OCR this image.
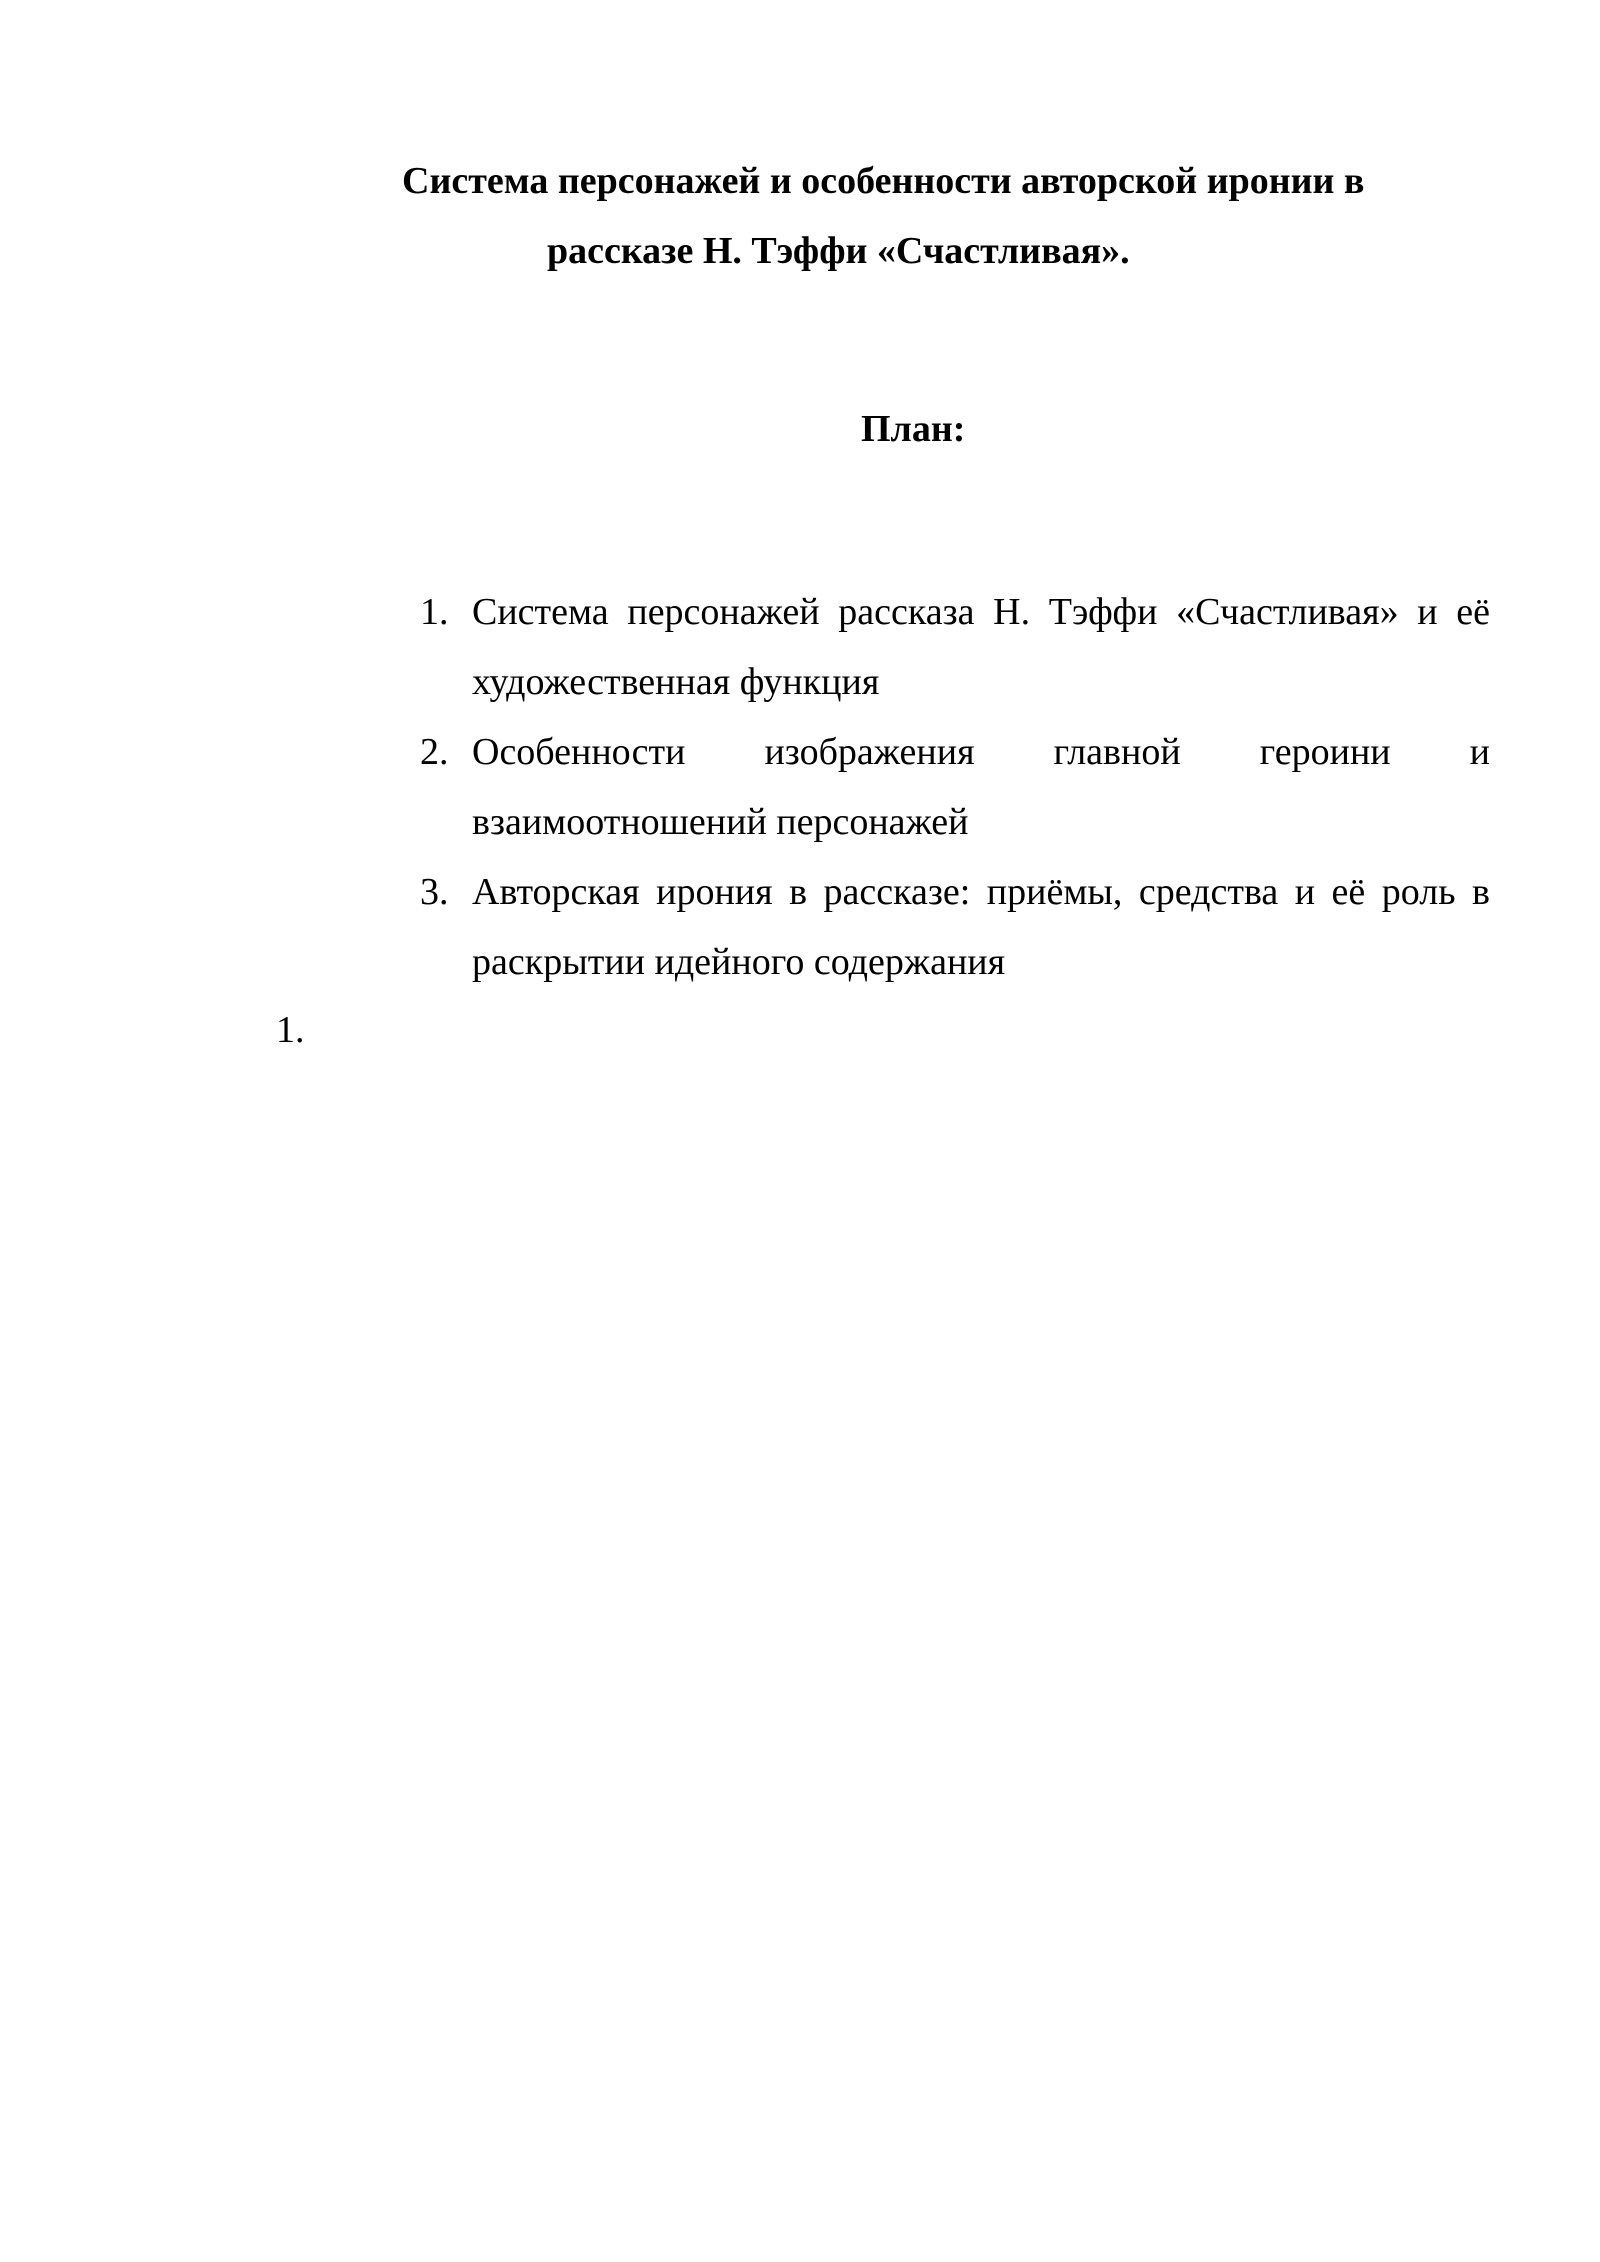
Система персонажей и особенности авторской иронии в
рассказе Н. Тэффи «Счастливая».
План:
1. Система персонажей рассказа Н. Тэффи «Счастливая» и её художественная функция
2. Особенности изображения главной героини и взаимоотношений персонажей
3. Авторская ирония в рассказе: приёмы, средства и её роль в раскрытии идейного содержания
1.
